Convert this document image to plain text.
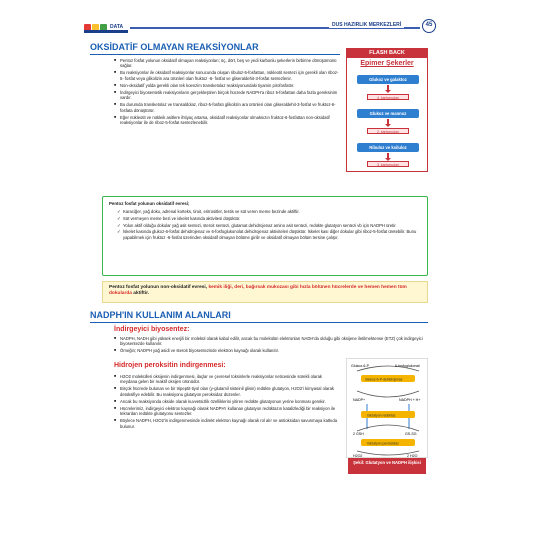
DATA	DUS HAZIRLIK MERKEZLERİ	45
OKSİDATİF OLMAYAN REAKSİYONLAR
■ Pentoz fosfat yolunun oksidatif olmayan reaksiyonları; üç, dört, beş ve yedi karbonlu şekerlerin birbirine dönüşümünü sağlar.
■ Bu reaksiyonlar ile oksidatif reaksiyonlar sonucunda oluşan ribuloz-5-fosfattan, nükleotit sentezi için gerekli olan riboz-5- fosfat veya glikolizin ara ürünleri olan fruktoz -6- fosfat ve gliseraldehit-3-fosfat sentezlenir.
■ Non-oksidatif yolda gerekli olan tek koenzim transketolaz reaksiyonundaki tiyamin pirofosfattır.
■ İndirgeyici biyosentetik reaksiyonların gerçekleştiren birçok hücrede NADPH'a riboz 5-fosfattan daha fazla gereksinim vardır.
■ Bu durumda transketolaz ve transaldolaz, riboz-5-fosfatı glikolizin ara ürünleri olan gliseraldehit-3-fosfat ve fruktoz-6- fosfata dönüştürür.
■ Eğer nükleotit ve nükleik asitlere ihtiyaç artarsa, oksidatif reaksiyonlar olmaksızın fruktoz-6-fosfattan non-oksidatif reaksiyonlar ile de riboz-5-fosfat sentezlenebilir.
FLASH BACK
Epimer Şekerler
Glukoz ve galaktoz
4. karbonudan
Glukoz ve mannoz
2. karbonudan
Ribuloz ve ksiluloz
3. karbonudan
Pentoz fosfat yolunun oksidatif evresi;
✓ Karaciğer, yağ doku, adrenal korteks, tiroit, eritrositler, testis ve süt veren meme bezinde aktiftir.
✓ Süt vermeyen meme bezi ve iskelet kasında aktivitesi düşüktür.
✓ Yolun aktif olduğu dokular yağ asit sentezi, steroit sentezi, glutamat dehidrojenaz amino asit sentezi, redükte glutatyon sentezi vb için NADPH üretir.
✓ İskelet kasında glukoz-6-fosfat dehidrojenaz ve 6-fosfoglukonolat dehidrojenaz aktiviteleri düşüktür. İskelet kası diğer dokular gibi riboz-5-fosfat üretebilir. Bunu yapabilmek için fruktoz -6-fosfat üzerinden oksidatif olmayan bölüme girilir ve oksidatif olmayan bölüm tersine çalışır.
Pentoz fosfat yolunun non-oksidatif evresi, kemik iliği, deri, bağırsak mukozası gibi hızla bölünen hücrelerde ve hemen hemen tüm dokularda aktiftir.
NADPH'IN KULLANIM ALANLARI
İndirgeyici biyosentez:
■ NADPH, NADH gibi yüksek enerjili bir molekül olarak kabul edilir, ancak bu molekülün elektronları NADH'da olduğu gibi oksijene iletilmektense (ETZ) çok indirgeyici biyosentezde kullanılır.
■ Örneğin; NADPH yağ asidi ve steroit biyosentezinde elektron kaynağı olarak kullanılır.
Hidrojen peroksitin indirgenmesi:
■ H2O2 molekülleri oksijenin indirgenmesi, ilaçlar ve çevresel toksinlerle reaksiyonlar neticesinde sürekli olarak meydana gelen bir reaktif oksijen ürünüdür.
■ Birçok hücrede bulunan ve bir tripeptit-tiyol olan (γ-glutamil sisteinil glisin) redükte glutatyon, H2O2'i kimyasal olarak detoksifiye edebilir. Bu reaksiyonu glutatyon peroksidaz düzenler.
■ Ancak bu reaksiyonda okside olarak kuvvetsizlik özelliklerini yitiren redükte glutatyonun yerine konması gerekir.
■ Hücrelerimiz, indirgeyici elektron kaynağı olarak NADPH'ı kullanan glutatyon redüktazın katalizlediği bir reaksiyon ile tekrardan redükte glutatyonu sentezler.
■ Böylece NADPH, H2O2'in indirgenmesinde indirekt elektron kaynağı olarak rol alır ve antioksidan savunmaya katkıda bulunur.
Glukoz-6-P	6-fosfoglukonat
Glukoz-6-P-dehidrojenaz
NADP+	NADPH + H+
Glutatyon redüktaz
2 GSH	GS-SG
Glutatyon peroksidaz
H2O2	2 H2O
Şekil: Glutatyon ve NADPH ilişkisi
